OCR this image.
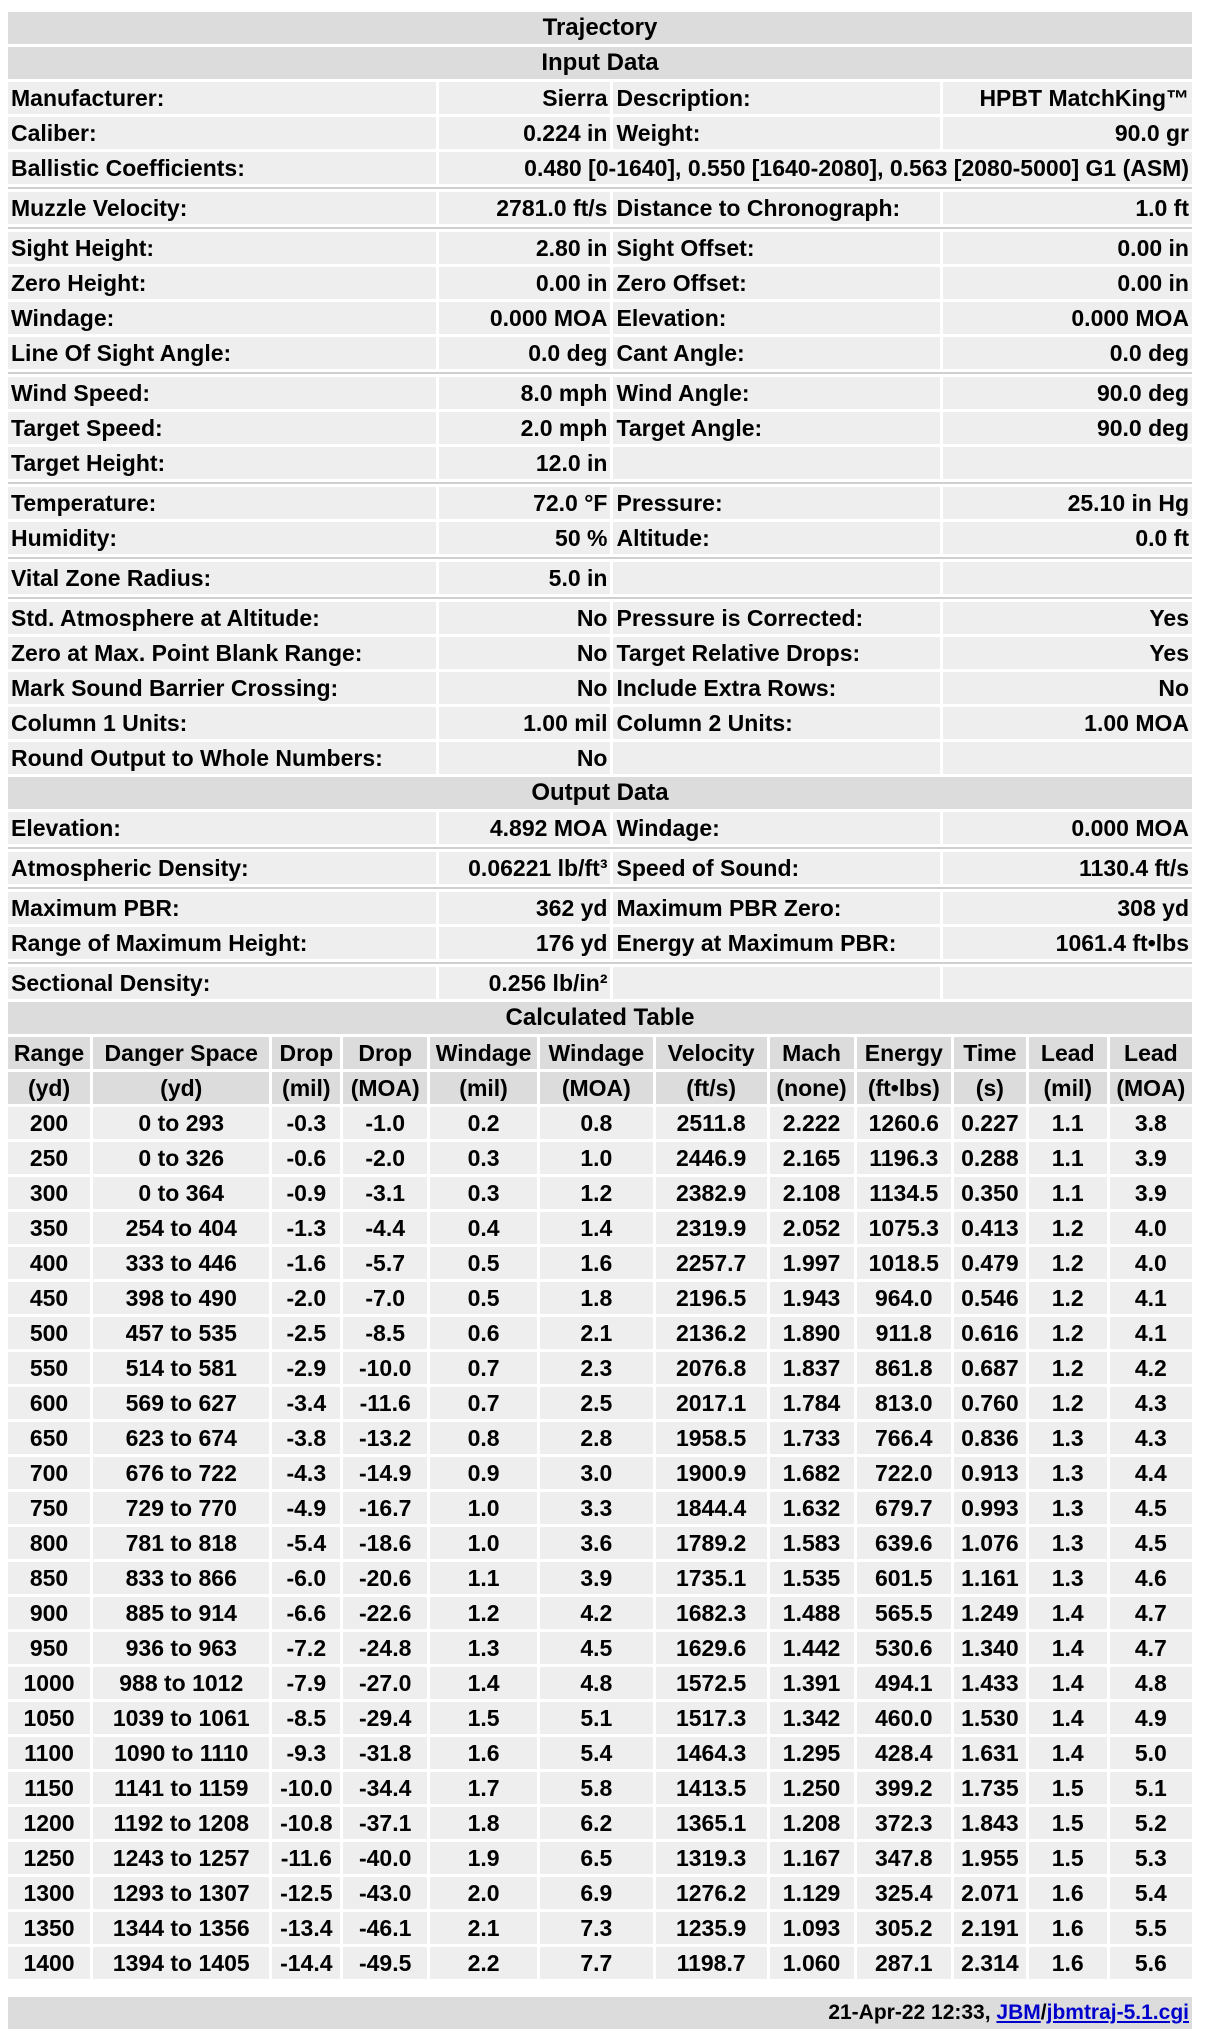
Trajectory			
Input Data			
Manufacturer:	Sierra	Description:	HPBT MatchKing™
Caliber:	0.224 in	Weight:	90.0 gr
Ballistic Coefficients:	0.480 [0-1640], 0.550 [1640-2080], 0.563 [2080-5000] G1 (ASM)		

Muzzle Velocity:	2781.0 ft/s	Distance to Chronograph:	1.0 ft

Sight Height:	2.80 in	Sight Offset:	0.00 in
Zero Height:	0.00 in	Zero Offset:	0.00 in
Windage:	0.000 MOA	Elevation:	0.000 MOA
Line Of Sight Angle:	0.0 deg	Cant Angle:	0.0 deg

Wind Speed:	8.0 mph	Wind Angle:	90.0 deg
Target Speed:	2.0 mph	Target Angle:	90.0 deg
Target Height:	12.0 in		

Temperature:	72.0 °F	Pressure:	25.10 in Hg
Humidity:	50 %	Altitude:	0.0 ft

Vital Zone Radius:	5.0 in		

Std. Atmosphere at Altitude:	No	Pressure is Corrected:	Yes
Zero at Max. Point Blank Range:	No	Target Relative Drops:	Yes
Mark Sound Barrier Crossing:	No	Include Extra Rows:	No
Column 1 Units:	1.00 mil	Column 2 Units:	1.00 MOA
Round Output to Whole Numbers:	No		
Output Data			
Elevation:	4.892 MOA	Windage:	0.000 MOA

Atmospheric Density:	0.06221 lb/ft³	Speed of Sound:	1130.4 ft/s

Maximum PBR:	362 yd	Maximum PBR Zero:	308 yd
Range of Maximum Height:	176 yd	Energy at Maximum PBR:	1061.4 ft•lbs

Sectional Density:	0.256 lb/in²		
Calculated Table											
Range	Danger Space	Drop	Drop	Windage	Windage	Velocity	Mach	Energy	Time	Lead	Lead
(yd)	(yd)	(mil)	(MOA)	(mil)	(MOA)	(ft/s)	(none)	(ft•lbs)	(s)	(mil)	(MOA)
200	0 to 293	-0.3	-1.0	0.2	0.8	2511.8	2.222	1260.6	0.227	1.1	3.8
250	0 to 326	-0.6	-2.0	0.3	1.0	2446.9	2.165	1196.3	0.288	1.1	3.9
300	0 to 364	-0.9	-3.1	0.3	1.2	2382.9	2.108	1134.5	0.350	1.1	3.9
350	254 to 404	-1.3	-4.4	0.4	1.4	2319.9	2.052	1075.3	0.413	1.2	4.0
400	333 to 446	-1.6	-5.7	0.5	1.6	2257.7	1.997	1018.5	0.479	1.2	4.0
450	398 to 490	-2.0	-7.0	0.5	1.8	2196.5	1.943	964.0	0.546	1.2	4.1
500	457 to 535	-2.5	-8.5	0.6	2.1	2136.2	1.890	911.8	0.616	1.2	4.1
550	514 to 581	-2.9	-10.0	0.7	2.3	2076.8	1.837	861.8	0.687	1.2	4.2
600	569 to 627	-3.4	-11.6	0.7	2.5	2017.1	1.784	813.0	0.760	1.2	4.3
650	623 to 674	-3.8	-13.2	0.8	2.8	1958.5	1.733	766.4	0.836	1.3	4.3
700	676 to 722	-4.3	-14.9	0.9	3.0	1900.9	1.682	722.0	0.913	1.3	4.4
750	729 to 770	-4.9	-16.7	1.0	3.3	1844.4	1.632	679.7	0.993	1.3	4.5
800	781 to 818	-5.4	-18.6	1.0	3.6	1789.2	1.583	639.6	1.076	1.3	4.5
850	833 to 866	-6.0	-20.6	1.1	3.9	1735.1	1.535	601.5	1.161	1.3	4.6
900	885 to 914	-6.6	-22.6	1.2	4.2	1682.3	1.488	565.5	1.249	1.4	4.7
950	936 to 963	-7.2	-24.8	1.3	4.5	1629.6	1.442	530.6	1.340	1.4	4.7
1000	988 to 1012	-7.9	-27.0	1.4	4.8	1572.5	1.391	494.1	1.433	1.4	4.8
1050	1039 to 1061	-8.5	-29.4	1.5	5.1	1517.3	1.342	460.0	1.530	1.4	4.9
1100	1090 to 1110	-9.3	-31.8	1.6	5.4	1464.3	1.295	428.4	1.631	1.4	5.0
1150	1141 to 1159	-10.0	-34.4	1.7	5.8	1413.5	1.250	399.2	1.735	1.5	5.1
1200	1192 to 1208	-10.8	-37.1	1.8	6.2	1365.1	1.208	372.3	1.843	1.5	5.2
1250	1243 to 1257	-11.6	-40.0	1.9	6.5	1319.3	1.167	347.8	1.955	1.5	5.3
1300	1293 to 1307	-12.5	-43.0	2.0	6.9	1276.2	1.129	325.4	2.071	1.6	5.4
1350	1344 to 1356	-13.4	-46.1	2.1	7.3	1235.9	1.093	305.2	2.191	1.6	5.5
1400	1394 to 1405	-14.4	-49.5	2.2	7.7	1198.7	1.060	287.1	2.314	1.6	5.6
21-Apr-22 12:33, JBM/jbmtraj-5.1.cgi
